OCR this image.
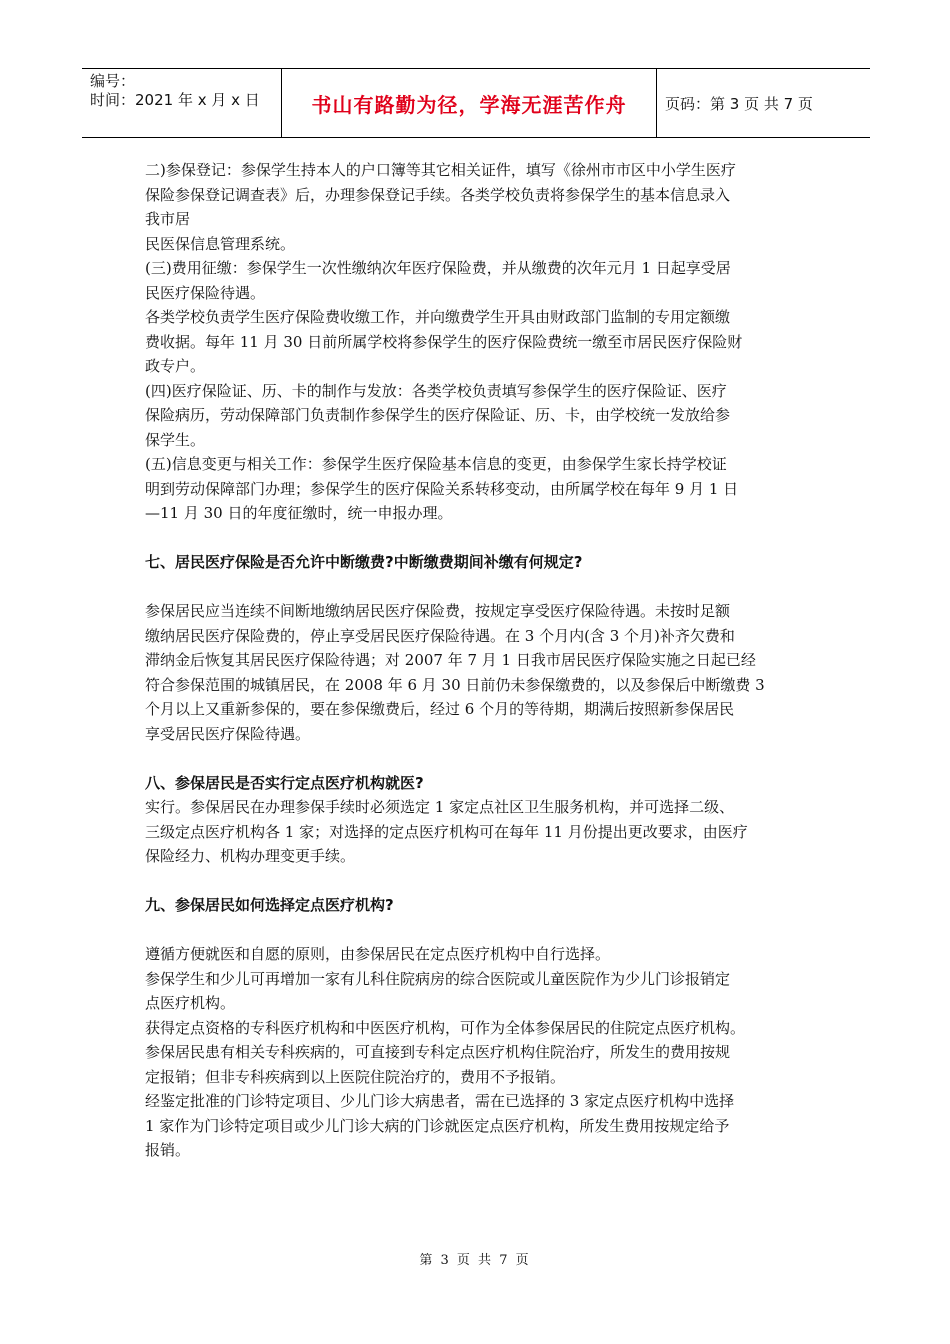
编号：
时间：2021 年 x 月 x 日	书山有路勤为径，学海无涯苦作舟	页码：第 3 页 共 7 页

二)参保登记：参保学生持本人的户口簿等其它相关证件，填写《徐州市市区中小学生医疗
保险参保登记调查表》后，办理参保登记手续。各类学校负责将参保学生的基本信息录入
我市居
民医保信息管理系统。

(三)费用征缴：参保学生一次性缴纳次年医疗保险费，并从缴费的次年元月 1 日起享受居
民医疗保险待遇。

各类学校负责学生医疗保险费收缴工作，并向缴费学生开具由财政部门监制的专用定额缴
费收据。每年 11 月 30 日前所属学校将参保学生的医疗保险费统一缴至市居民医疗保险财
政专户。

(四)医疗保险证、历、卡的制作与发放：各类学校负责填写参保学生的医疗保险证、医疗
保险病历，劳动保障部门负责制作参保学生的医疗保险证、历、卡，由学校统一发放给参
保学生。

(五)信息变更与相关工作：参保学生医疗保险基本信息的变更，由参保学生家长持学校证
明到劳动保障部门办理；参保学生的医疗保险关系转移变动，由所属学校在每年 9 月 1 日
—11 月 30 日的年度征缴时，统一申报办理。

七、居民医疗保险是否允许中断缴费?中断缴费期间补缴有何规定?

参保居民应当连续不间断地缴纳居民医疗保险费，按规定享受医疗保险待遇。未按时足额
缴纳居民医疗保险费的，停止享受居民医疗保险待遇。在 3 个月内(含 3 个月)补齐欠费和
滞纳金后恢复其居民医疗保险待遇；对 2007 年 7 月 1 日我市居民医疗保险实施之日起已经
符合参保范围的城镇居民，在 2008 年 6 月 30 日前仍未参保缴费的，以及参保后中断缴费 3
个月以上又重新参保的，要在参保缴费后，经过 6 个月的等待期，期满后按照新参保居民
享受居民医疗保险待遇。

八、参保居民是否实行定点医疗机构就医?

实行。参保居民在办理参保手续时必须选定 1 家定点社区卫生服务机构，并可选择二级、
三级定点医疗机构各 1 家；对选择的定点医疗机构可在每年 11 月份提出更改要求，由医疗
保险经力、机构办理变更手续。

九、参保居民如何选择定点医疗机构?

遵循方便就医和自愿的原则，由参保居民在定点医疗机构中自行选择。

参保学生和少儿可再增加一家有儿科住院病房的综合医院或儿童医院作为少儿门诊报销定
点医疗机构。

获得定点资格的专科医疗机构和中医医疗机构，可作为全体参保居民的住院定点医疗机构。

参保居民患有相关专科疾病的，可直接到专科定点医疗机构住院治疗，所发生的费用按规
定报销；但非专科疾病到以上医院住院治疗的，费用不予报销。

经鉴定批准的门诊特定项目、少儿门诊大病患者，需在已选择的 3 家定点医疗机构中选择
1 家作为门诊特定项目或少儿门诊大病的门诊就医定点医疗机构，所发生费用按规定给予
报销。

第 3 页 共 7 页
